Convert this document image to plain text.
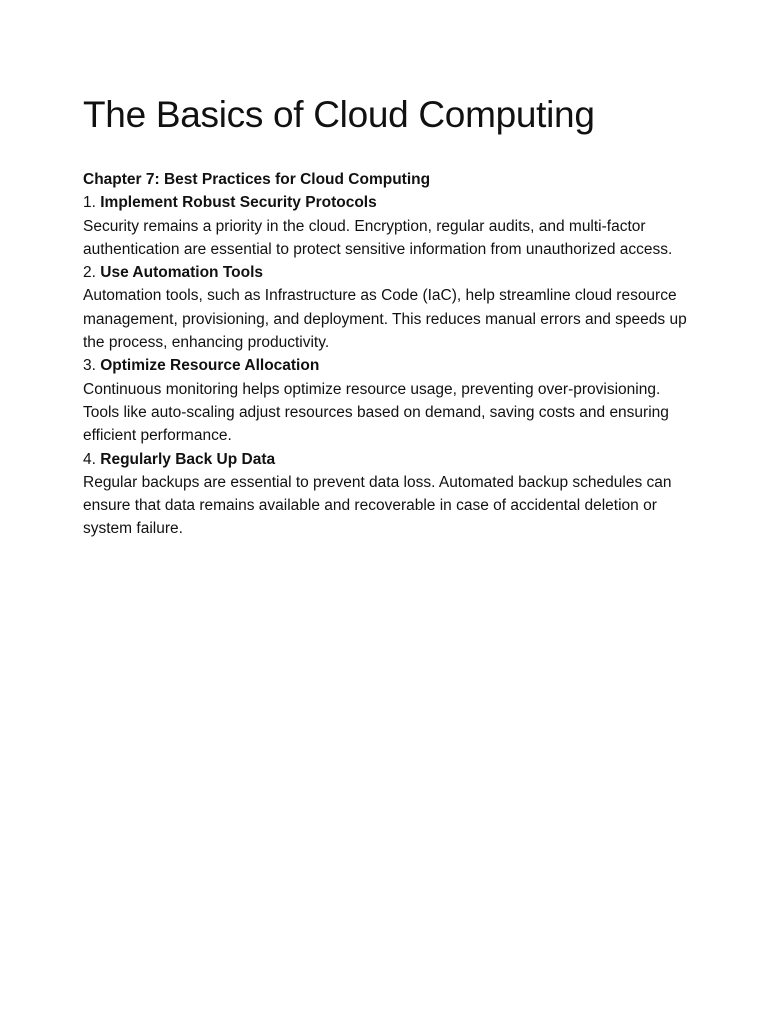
The Basics of Cloud Computing

Chapter 7: Best Practices for Cloud Computing

1. Implement Robust Security Protocols

Security remains a priority in the cloud. Encryption, regular audits, and multi-factor authentication are essential to protect sensitive information from unauthorized access.

2. Use Automation Tools

Automation tools, such as Infrastructure as Code (IaC), help streamline cloud resource management, provisioning, and deployment. This reduces manual errors and speeds up the process, enhancing productivity.

3. Optimize Resource Allocation

Continuous monitoring helps optimize resource usage, preventing over-provisioning. Tools like auto-scaling adjust resources based on demand, saving costs and ensuring efficient performance.

4. Regularly Back Up Data

Regular backups are essential to prevent data loss. Automated backup schedules can ensure that data remains available and recoverable in case of accidental deletion or system failure.
